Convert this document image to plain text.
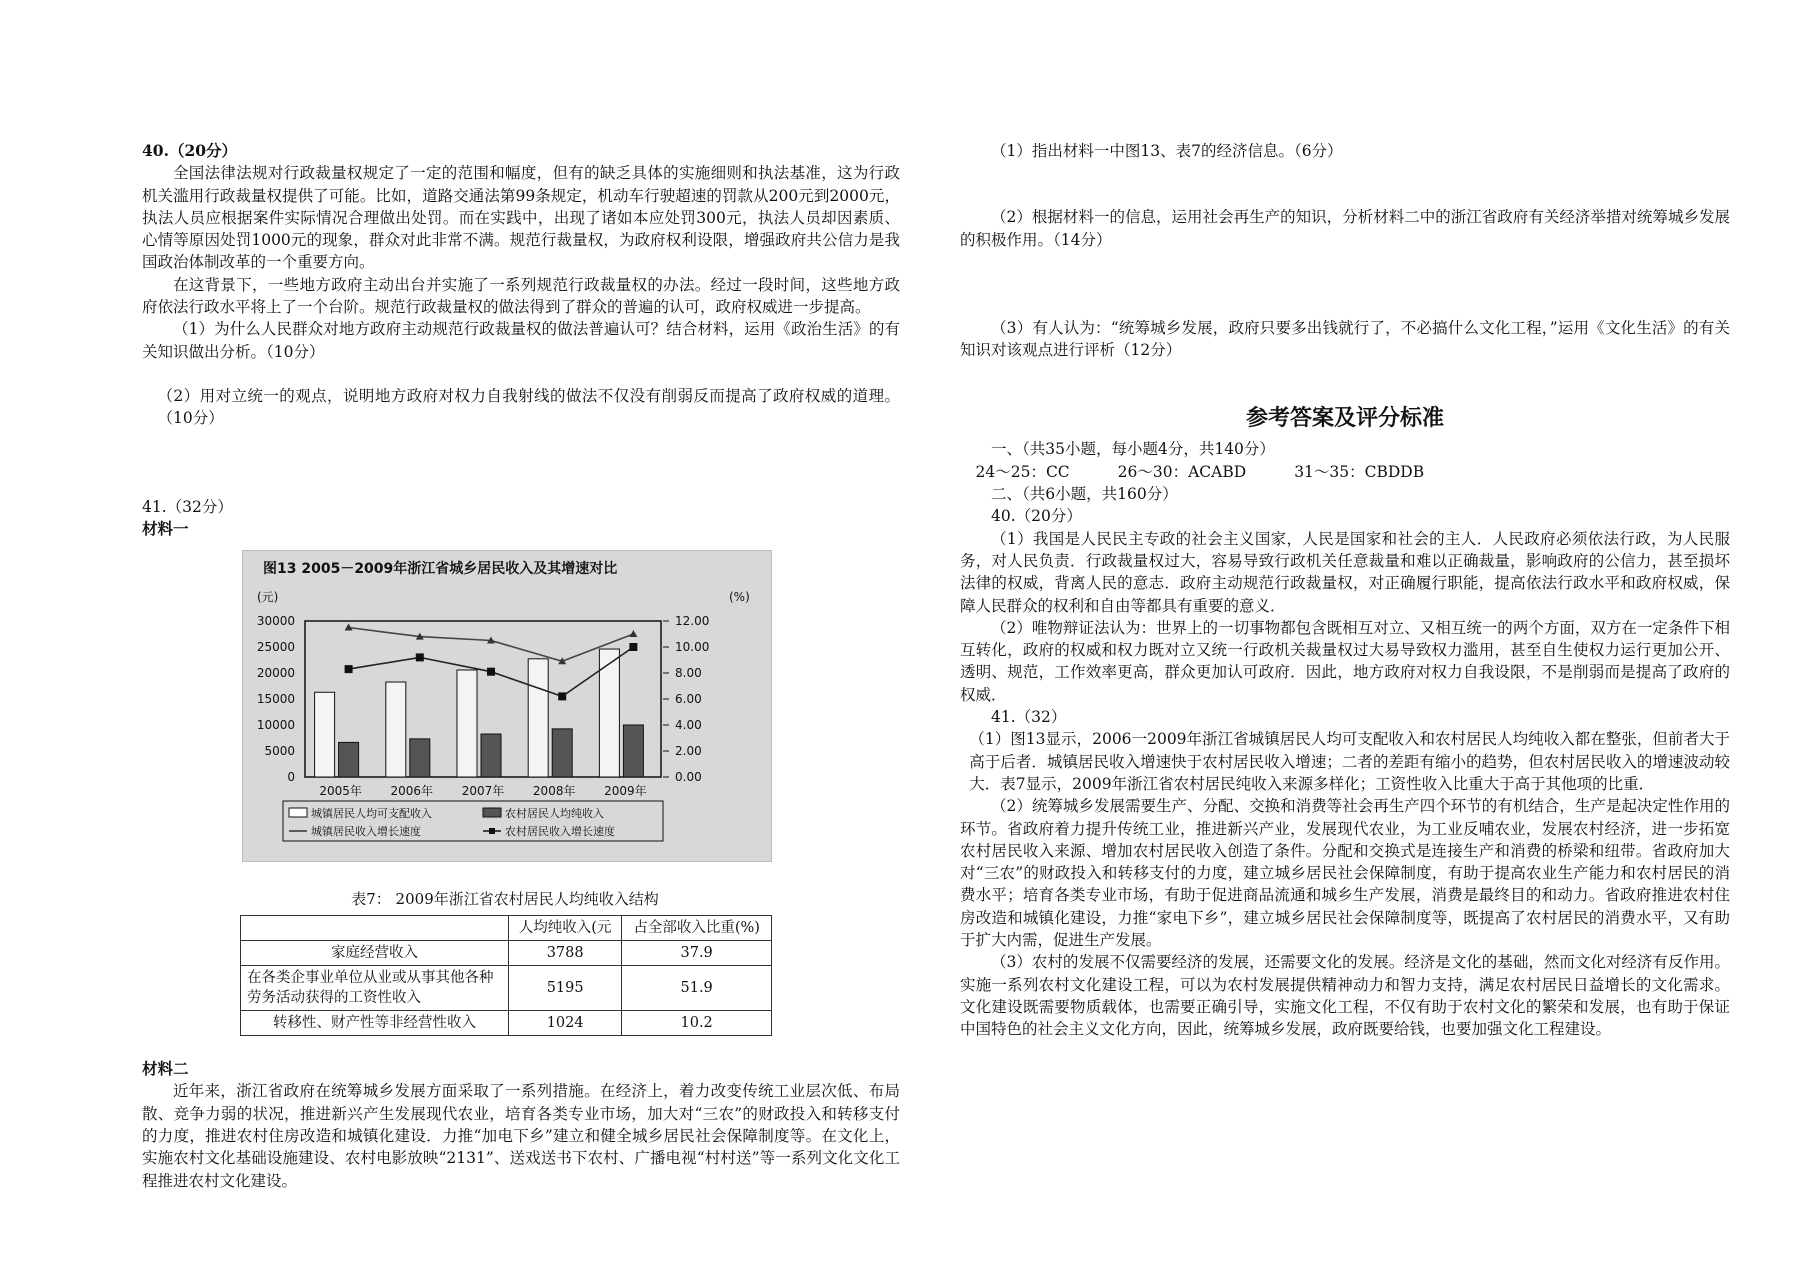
40.（20分）

全国法律法规对行政裁量权规定了一定的范围和幅度，但有的缺乏具体的实施细则和执法基准，这为行政机关滥用行政裁量权提供了可能。比如，道路交通法第99条规定，机动车行驶超速的罚款从200元到2000元，执法人员应根据案件实际情况合理做出处罚。而在实践中，出现了诸如本应处罚300元，执法人员却因素质、心情等原因处罚1000元的现象，群众对此非常不满。规范行裁量权，为政府权利设限，增强政府共公信力是我国政治体制改革的一个重要方向。

在这背景下，一些地方政府主动出台并实施了一系列规范行政裁量权的办法。经过一段时间，这些地方政府依法行政水平将上了一个台阶。规范行政裁量权的做法得到了群众的普遍的认可，政府权威进一步提高。

（1）为什么人民群众对地方政府主动规范行政裁量权的做法普遍认可？结合材料，运用《政治生活》的有关知识做出分析。（10分）

（2）用对立统一的观点，说明地方政府对权力自我射线的做法不仅没有削弱反而提高了政府权威的道理。（10分）

41.（32分）

材料一

图13 2005－2009年浙江省城乡居民收入及其增速对比
(元)	(%)
30000
25000
20000
15000
10000
5000
0
12.00
10.00
8.00
6.00
4.00
2.00
0.00
2005年 2006年 2007年 2008年 2009年
城镇居民人均可支配收入	农村居民人均纯收入
城镇居民收入增长速度	农村居民收入增长速度
表7： 2009年浙江省农村居民人均纯收入结构
	人均纯收入(元	占全部收入比重(%)
家庭经营收入	3788	37.9
在各类企事业单位从业或从事其他各种劳务活动获得的工资性收入	5195	51.9
转移性、财产性等非经营性收入	1024	10.2

材料二

近年来，浙江省政府在统筹城乡发展方面采取了一系列措施。在经济上，着力改变传统工业层次低、布局散、竞争力弱的状况，推进新兴产生发展现代农业，培育各类专业市场，加大对“三农”的财政投入和转移支付的力度，推进农村住房改造和城镇化建设．力推“加电下乡”建立和健全城乡居民社会保障制度等。在文化上，实施农村文化基础设施建设、农村电影放映“2131”、送戏送书下农村、广播电视“村村送”等一系列文化文化工程推进农村文化建设。

（1）指出材料一中图13、表7的经济信息。（6分）

（2）根据材料一的信息，运用社会再生产的知识，分析材料二中的浙江省政府有关经济举措对统筹城乡发展的积极作用。（14分）

（3）有人认为：“统筹城乡发展，政府只要多出钱就行了，不必搞什么文化工程，”运用《文化生活》的有关知识对该观点进行评析（12分）

参考答案及评分标准

一、（共35小题，每小题4分，共140分）

24～25：CC	26～30：ACABD	31～35：CBDDB

二、（共6小题，共160分）

40.（20分）

（1）我国是人民民主专政的社会主义国家，人民是国家和社会的主人．人民政府必须依法行政，为人民服务，对人民负责．行政裁量权过大，容易导致行政机关任意裁量和难以正确裁量，影响政府的公信力，甚至损坏法律的权威，背离人民的意志．政府主动规范行政裁量权，对正确履行职能，提高依法行政水平和政府权威，保障人民群众的权利和自由等都具有重要的意义．

（2）唯物辩证法认为：世界上的一切事物都包含既相互对立、又相互统一的两个方面，双方在一定条件下相互转化，政府的权威和权力既对立又统一行政机关裁量权过大易导致权力滥用，甚至自生使权力运行更加公开、透明、规范，工作效率更高，群众更加认可政府．因此，地方政府对权力自我设限，不是削弱而是提高了政府的权威．

41.（32）

（1）图13显示，2006一2009年浙江省城镇居民人均可支配收入和农村居民人均纯收入都在整张，但前者大于高于后者．城镇居民收入增速快于农村居民收入增速；二者的差距有缩小的趋势，但农村居民收入的增速波动较大．表7显示，2009年浙江省农村居民纯收入来源多样化；工资性收入比重大于高于其他项的比重．

（2）统筹城乡发展需要生产、分配、交换和消费等社会再生产四个环节的有机结合，生产是起决定性作用的环节。省政府着力提升传统工业，推进新兴产业，发展现代农业，为工业反哺农业，发展农村经济，进一步拓宽农村居民收入来源、增加农村居民收入创造了条件。分配和交换式是连接生产和消费的桥梁和纽带。省政府加大对“三农”的财政投入和转移支付的力度，建立城乡居民社会保障制度，有助于提高农业生产能力和农村居民的消费水平；培育各类专业市场，有助于促进商品流通和城乡生产发展，消费是最终目的和动力。省政府推进农村住房改造和城镇化建设，力推“家电下乡”，建立城乡居民社会保障制度等，既提高了农村居民的消费水平，又有助于扩大内需，促进生产发展。

（3）农村的发展不仅需要经济的发展，还需要文化的发展。经济是文化的基础，然而文化对经济有反作用。实施一系列农村文化建设工程，可以为农村发展提供精神动力和智力支持，满足农村居民日益增长的文化需求。文化建设既需要物质载体，也需要正确引导，实施文化工程，不仅有助于农村文化的繁荣和发展，也有助于保证中国特色的社会主义文化方向，因此，统筹城乡发展，政府既要给钱，也要加强文化工程建设。
